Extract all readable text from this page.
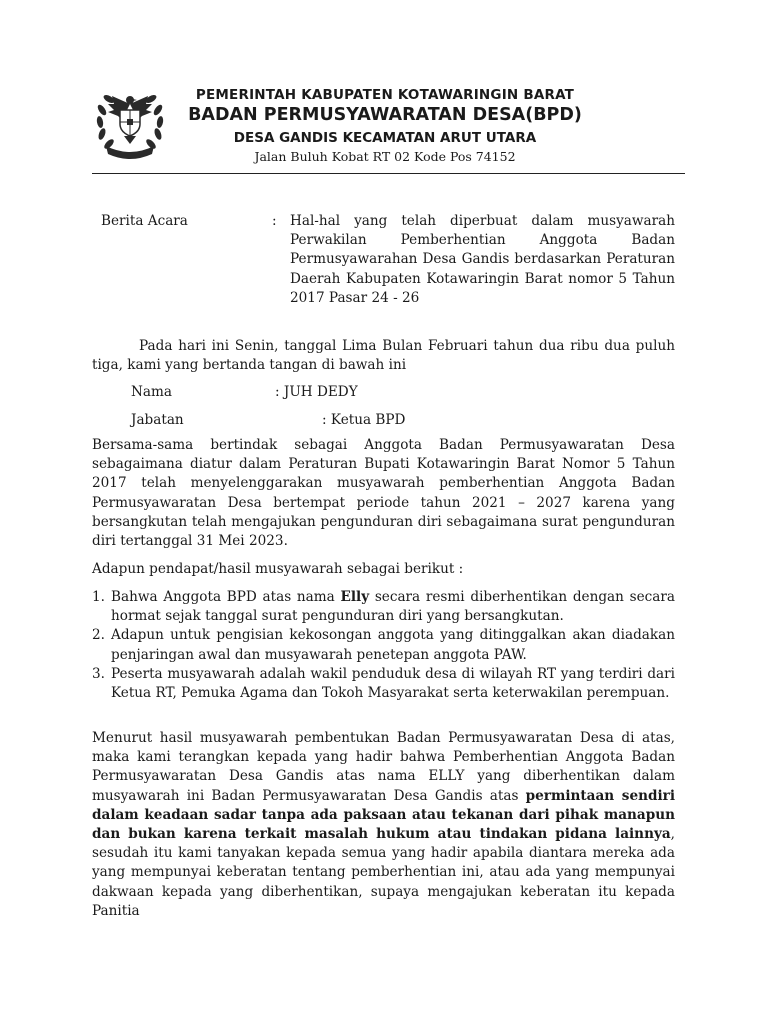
PEMERINTAH KABUPATEN KOTAWARINGIN BARAT
BADAN PERMUSYAWARATAN DESA(BPD)
DESA GANDIS KECAMATAN ARUT UTARA
Jalan Buluh Kobat RT 02 Kode Pos 74152
Berita Acara	: Hal-hal yang telah diperbuat dalam musyawarah Perwakilan Pemberhentian Anggota Badan Permusyawarahan Desa Gandis berdasarkan Peraturan Daerah Kabupaten Kotawaringin Barat nomor 5 Tahun 2017 Pasar 24 - 26
Pada hari ini Senin, tanggal Lima Bulan Februari tahun dua ribu dua puluh tiga, kami yang bertanda tangan di bawah ini
Nama	: JUH DEDY
Jabatan	: Ketua BPD
Bersama-sama bertindak sebagai Anggota Badan Permusyawaratan Desa sebagaimana diatur dalam Peraturan Bupati Kotawaringin Barat Nomor 5 Tahun 2017 telah menyelenggarakan musyawarah pemberhentian Anggota Badan Permusyawaratan Desa bertempat periode tahun 2021 – 2027 karena yang bersangkutan telah mengajukan pengunduran diri sebagaimana surat pengunduran diri tertanggal 31 Mei 2023.
Adapun pendapat/hasil musyawarah sebagai berikut :
1. Bahwa Anggota BPD atas nama Elly secara resmi diberhentikan dengan secara hormat sejak tanggal surat pengunduran diri yang bersangkutan.
2. Adapun untuk pengisian kekosongan anggota yang ditinggalkan akan diadakan penjaringan awal dan musyawarah penetepan anggota PAW.
3. Peserta musyawarah adalah wakil penduduk desa di wilayah RT yang terdiri dari Ketua RT, Pemuka Agama dan Tokoh Masyarakat serta keterwakilan perempuan.
Menurut hasil musyawarah pembentukan Badan Permusyawaratan Desa di atas, maka kami terangkan kepada yang hadir bahwa Pemberhentian Anggota Badan Permusyawaratan Desa Gandis atas nama ELLY yang diberhentikan dalam musyawarah ini Badan Permusyawaratan Desa Gandis atas permintaan sendiri dalam keadaan sadar tanpa ada paksaan atau tekanan dari pihak manapun dan bukan karena terkait masalah hukum atau tindakan pidana lainnya, sesudah itu kami tanyakan kepada semua yang hadir apabila diantara mereka ada yang mempunyai keberatan tentang pemberhentian ini, atau ada yang mempunyai dakwaan kepada yang diberhentikan, supaya mengajukan keberatan itu kepada Panitia
